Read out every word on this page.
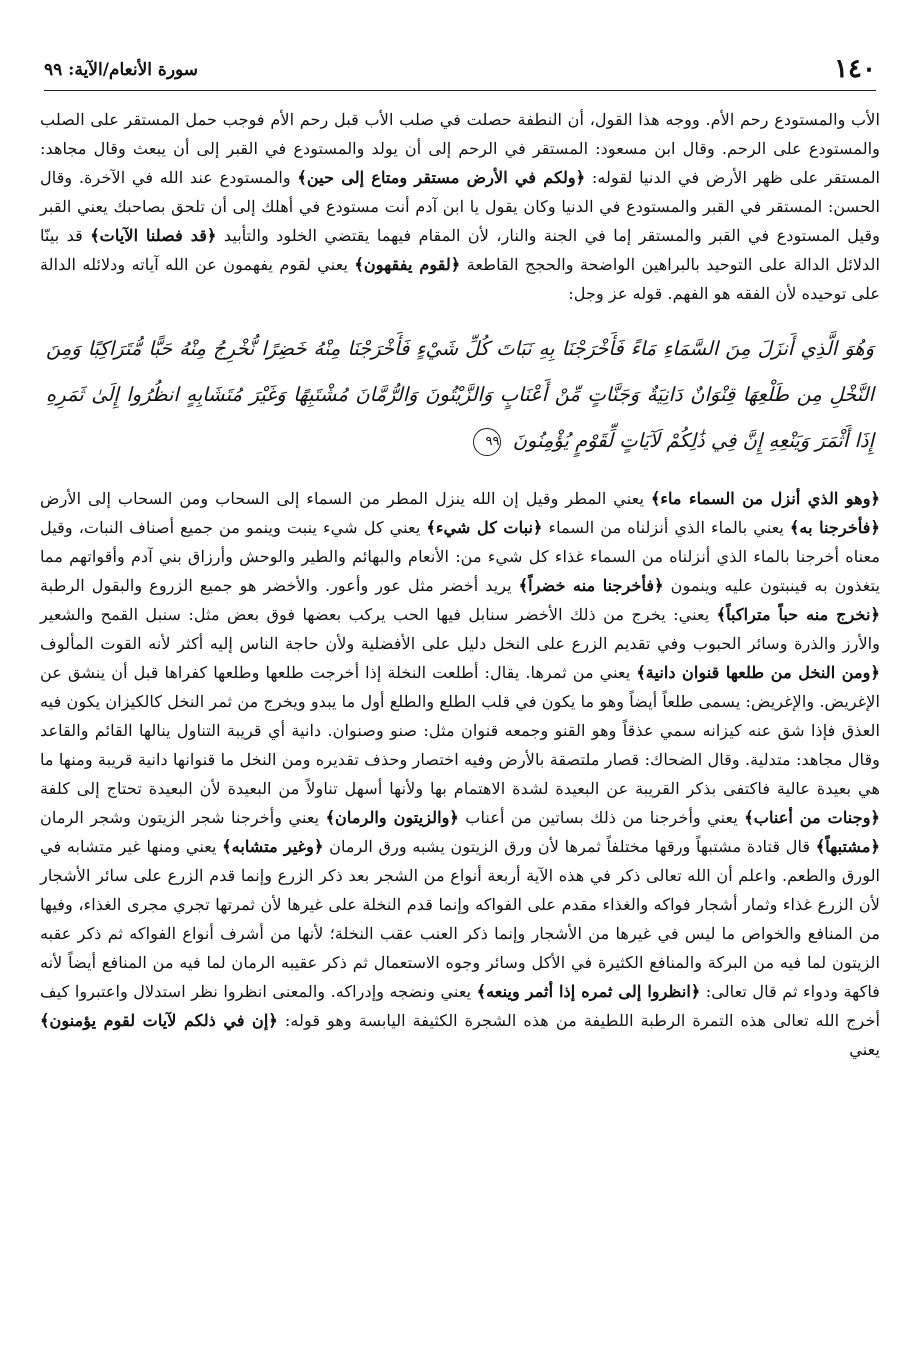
١٤٠
سورة الأنعام/الآية: ٩٩

الأب والمستودع رحم الأم. ووجه هذا القول، أن النطفة حصلت في صلب الأب قبل رحم الأم فوجب حمل المستقر على الصلب والمستودع على الرحم. وقال ابن مسعود: المستقر في الرحم إلى أن يولد والمستودع في القبر إلى أن يبعث وقال مجاهد: المستقر على ظهر الأرض في الدنيا لقوله: ﴿ولكم في الأرض مستقر ومتاع إلى حين﴾ والمستودع عند الله في الآخرة. وقال الحسن: المستقر في القبر والمستودع في الدنيا وكان يقول يا ابن آدم أنت مستودع في أهلك إلى أن تلحق بصاحبك يعني القبر وقيل المستودع في القبر والمستقر إما في الجنة والنار، لأن المقام فيهما يقتضي الخلود والتأبيد ﴿قد فصلنا الآيات﴾ قد بينّا الدلائل الدالة على التوحيد بالبراهين الواضحة والحجج القاطعة ﴿لقوم يفقهون﴾ يعني لقوم يفهمون عن الله آياته ودلائله الدالة على توحيده لأن الفقه هو الفهم. قوله عز وجل:

وَهُوَ الَّذِي أَنزَلَ مِنَ السَّمَاءِ مَاءً فَأَخْرَجْنَا بِهِ نَبَاتَ كُلِّ شَيْءٍ فَأَخْرَجْنَا مِنْهُ خَضِرًا نُّخْرِجُ مِنْهُ حَبًّا مُّتَرَاكِبًا وَمِنَ النَّخْلِ مِن طَلْعِهَا قِنْوَانٌ دَانِيَةٌ وَجَنَّاتٍ مِّنْ أَعْنَابٍ وَالزَّيْتُونَ وَالرُّمَّانَ مُشْتَبِهًا وَغَيْرَ مُتَشَابِهٍ انظُرُوا إِلَىٰ ثَمَرِهِ إِذَا أَثْمَرَ وَيَنْعِهِ إِنَّ فِي ذَٰلِكُمْ لَآيَاتٍ لِّقَوْمٍ يُؤْمِنُونَ ٩٩

﴿وهو الذي أنزل من السماء ماء﴾ يعني المطر وقيل إن الله ينزل المطر من السماء إلى السحاب ومن السحاب إلى الأرض ﴿فأخرجنا به﴾ يعني بالماء الذي أنزلناه من السماء ﴿نبات كل شيء﴾ يعني كل شيء ينبت وينمو من جميع أصناف النبات، وقيل معناه أخرجنا بالماء الذي أنزلناه من السماء غذاء كل شيء من: الأنعام والبهائم والطير والوحش وأرزاق بني آدم وأقواتهم مما يتغذون به فينبتون عليه وينمون ﴿فأخرجنا منه خضراً﴾ يريد أخضر مثل عور وأعور. والأخضر هو جميع الزروع والبقول الرطبة ﴿نخرج منه حباً متراكباً﴾ يعني: يخرج من ذلك الأخضر سنابل فيها الحب يركب بعضها فوق بعض مثل: سنبل القمح والشعير والأرز والذرة وسائر الحبوب وفي تقديم الزرع على النخل دليل على الأفضلية ولأن حاجة الناس إليه أكثر لأنه القوت المألوف ﴿ومن النخل من طلعها قنوان دانية﴾ يعني من ثمرها. يقال: أطلعت النخلة إذا أخرجت طلعها وطلعها كفراها قبل أن ينشق عن الإغريض. والإغريض: يسمى طلعاً أيضاً وهو ما يكون في قلب الطلع والطلع أول ما يبدو ويخرج من ثمر النخل كالكيزان يكون فيه العذق فإذا شق عنه كيزانه سمي عذقاً وهو القنو وجمعه قنوان مثل: صنو وصنوان. دانية أي قريبة التناول ينالها القائم والقاعد وقال مجاهد: متدلية. وقال الضحاك: قصار ملتصقة بالأرض وفيه اختصار وحذف تقديره ومن النخل ما قنوانها دانية قريبة ومنها ما هي بعيدة عالية فاكتفى بذكر القريبة عن البعيدة لشدة الاهتمام بها ولأنها أسهل تناولاً من البعيدة لأن البعيدة تحتاج إلى كلفة ﴿وجنات من أعناب﴾ يعني وأخرجنا من ذلك بساتين من أعناب ﴿والزيتون والرمان﴾ يعني وأخرجنا شجر الزيتون وشجر الرمان ﴿مشتبهاً﴾ قال قتادة مشتبهاً ورقها مختلفاً ثمرها لأن ورق الزيتون يشبه ورق الرمان ﴿وغير متشابه﴾ يعني ومنها غير متشابه في الورق والطعم. واعلم أن الله تعالى ذكر في هذه الآية أربعة أنواع من الشجر بعد ذكر الزرع وإنما قدم الزرع على سائر الأشجار لأن الزرع غذاء وثمار أشجار فواكه والغذاء مقدم على الفواكه وإنما قدم النخلة على غيرها لأن ثمرتها تجري مجرى الغذاء، وفيها من المنافع والخواص ما ليس في غيرها من الأشجار وإنما ذكر العنب عقب النخلة؛ لأنها من أشرف أنواع الفواكه ثم ذكر عقبه الزيتون لما فيه من البركة والمنافع الكثيرة في الأكل وسائر وجوه الاستعمال ثم ذكر عقيبه الرمان لما فيه من المنافع أيضاً لأنه فاكهة ودواء ثم قال تعالى: ﴿انظروا إلى ثمره إذا أثمر وينعه﴾ يعني ونضجه وإدراكه. والمعنى انظروا نظر استدلال واعتبروا كيف أخرج الله تعالى هذه التمرة الرطبة اللطيفة من هذه الشجرة الكثيفة اليابسة وهو قوله: ﴿إن في ذلكم لآيات لقوم يؤمنون﴾ يعني
